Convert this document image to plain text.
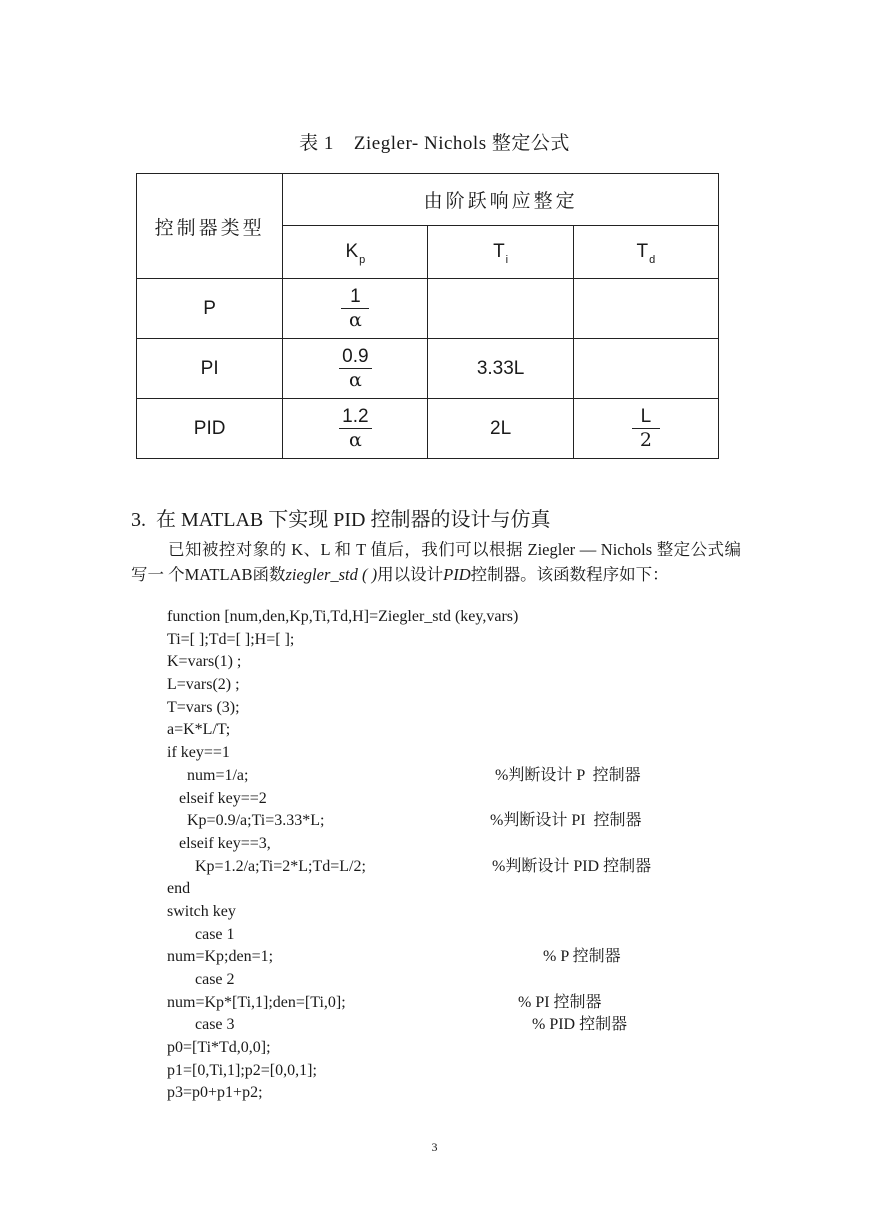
表 1 Ziegler- Nichols 整定公式
控制器类型	由阶跃响应整定		
	$K_p$	$T_i$	$T_d$
P	$\frac{1}{\alpha}$

PI	$\frac{0.9}{\alpha}$	3.33L	
PID	$\frac{1.2}{\alpha}$	2L	$\frac{L}{2}$
3. 在 MATLAB 下实现 PID 控制器的设计与仿真

已知被控对象的 K、L 和 T 值后，我们可以根据 Ziegler — Nichols 整定公式编写一 个MATLAB函数ziegler_std ( )用以设计PID控制器。该函数程序如下：

function [num,den,Kp,Ti,Td,H]=Ziegler_std (key,vars)
Ti=[ ];Td=[ ];H=[ ];
K=vars(1) ;
L=vars(2) ;
T=vars (3);
a=K*L/T;
if key==1
num=1/a;	%判断设计 P  控制器
elseif key==2
Kp=0.9/a;Ti=3.33*L;	%判断设计 PI  控制器
elseif key==3,
Kp=1.2/a;Ti=2*L;Td=L/2;	%判断设计 PID 控制器
end
switch key
case 1
num=Kp;den=1;	% P 控制器
case 2
num=Kp*[Ti,1];den=[Ti,0];	% PI 控制器
case 3	% PID 控制器
p0=[Ti*Td,0,0];
p1=[0,Ti,1];p2=[0,0,1];
p3=p0+p1+p2;
3
